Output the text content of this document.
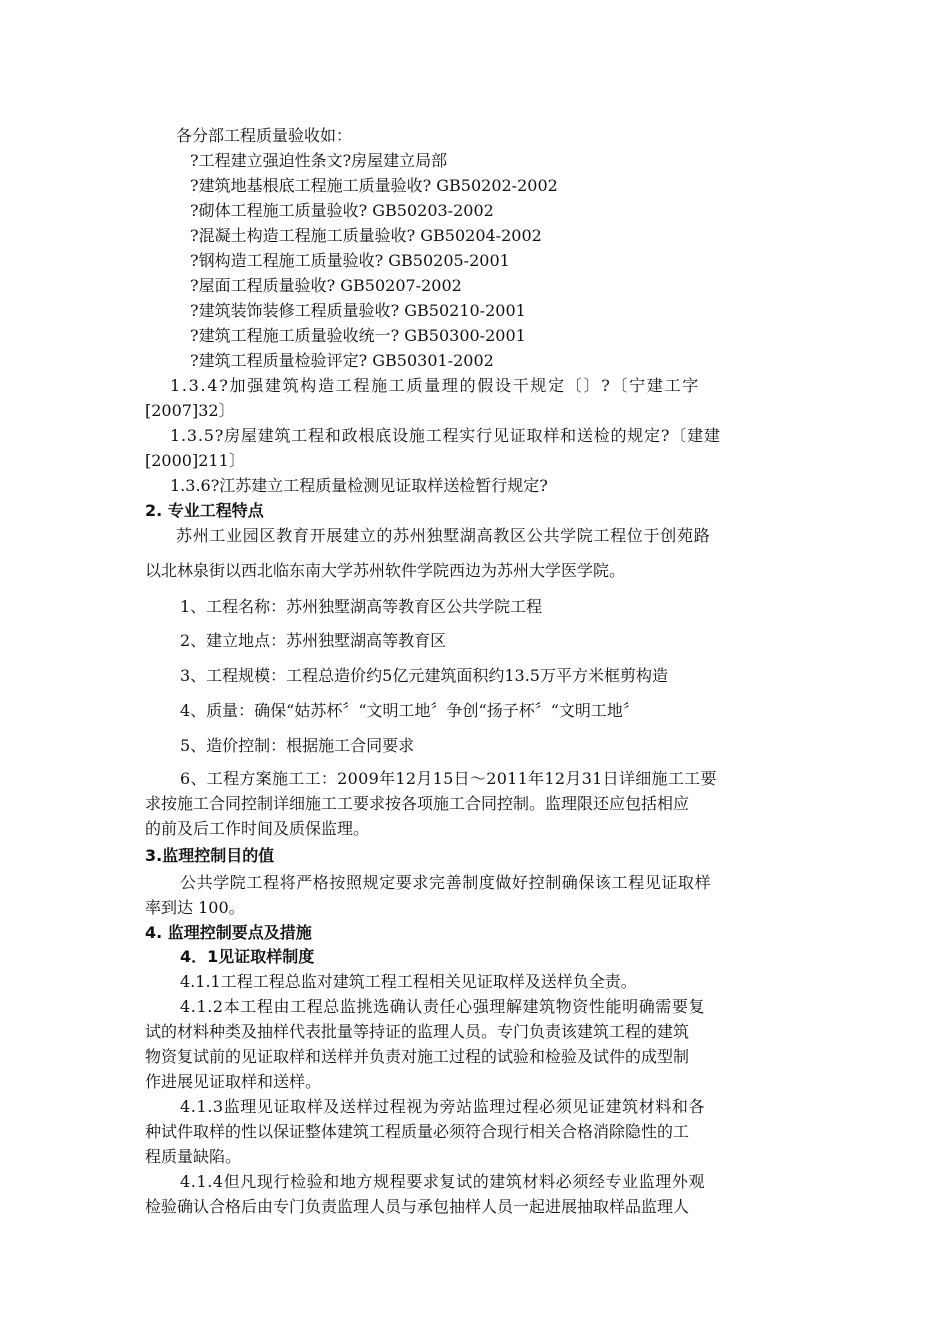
各分部工程质量验收如：
?工程建立强迫性条文?房屋建立局部
?建筑地基根底工程施工质量验收? GB50202-2002
?砌体工程施工质量验收? GB50203-2002
?混凝土构造工程施工质量验收? GB50204-2002
?钢构造工程施工质量验收? GB50205-2001
?屋面工程质量验收? GB50207-2002
?建筑装饰装修工程质量验收? GB50210-2001
?建筑工程施工质量验收统一? GB50300-2001
?建筑工程质量检验评定? GB50301-2002
1.3.4?加强建筑构造工程施工质量理的假设干规定〔〕?〔宁建工字
[2007]32〕
1.3.5?房屋建筑工程和政根底设施工程实行见证取样和送检的规定?〔建建
[2000]211〕
1.3.6?江苏建立工程质量检测见证取样送检暂行规定?
2. 专业工程特点
苏州工业园区教育开展建立的苏州独墅湖高教区公共学院工程位于创苑路
以北林泉街以西北临东南大学苏州软件学院西边为苏州大学医学院。
1、工程名称：苏州独墅湖高等教育区公共学院工程
2、建立地点：苏州独墅湖高等教育区
3、工程规模：工程总造价约5亿元建筑面积约13.5万平方米框剪构造
4、质量：确保“姑苏杯〞“文明工地〞争创“扬子杯〞“文明工地〞
5、造价控制：根据施工合同要求
6、工程方案施工工：2009年12月15日～2011年12月31日详细施工工要
求按施工合同控制详细施工工要求按各项施工合同控制。监理限还应包括相应
的前及后工作时间及质保监理。
3.监理控制目的值
公共学院工程将严格按照规定要求完善制度做好控制确保该工程见证取样
率到达 100。
4. 监理控制要点及措施
4．1见证取样制度
4.1.1工程工程总监对建筑工程工程相关见证取样及送样负全责。
4.1.2本工程由工程总监挑选确认责任心强理解建筑物资性能明确需要复
试的材料种类及抽样代表批量等持证的监理人员。专门负责该建筑工程的建筑
物资复试前的见证取样和送样并负责对施工过程的试验和检验及试件的成型制
作进展见证取样和送样。
4.1.3监理见证取样及送样过程视为旁站监理过程必须见证建筑材料和各
种试件取样的性以保证整体建筑工程质量必须符合现行相关合格消除隐性的工
程质量缺陷。
4.1.4但凡现行检验和地方规程要求复试的建筑材料必须经专业监理外观
检验确认合格后由专门负责监理人员与承包抽样人员一起进展抽取样品监理人
